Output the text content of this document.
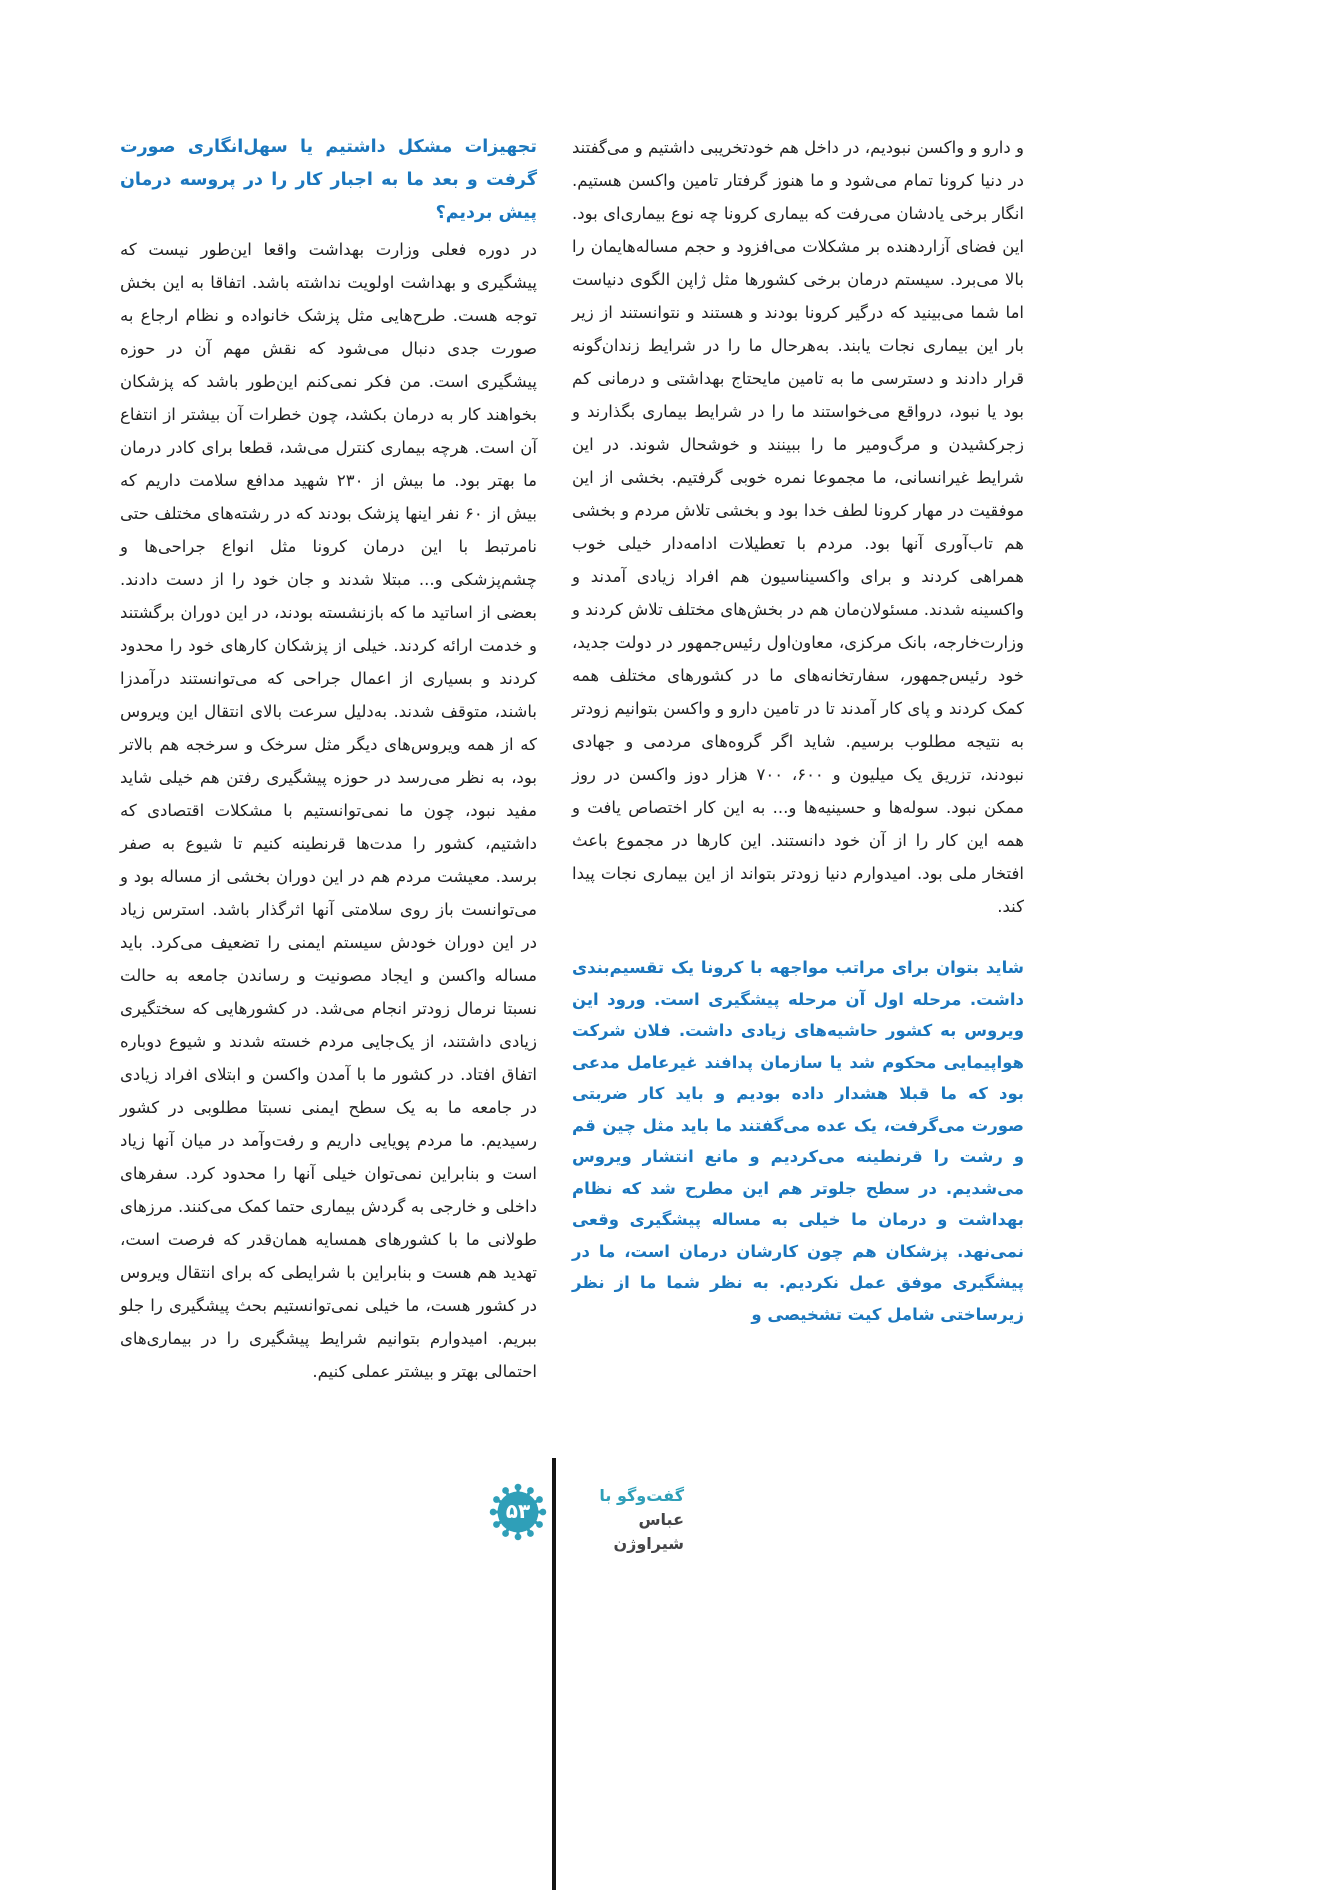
و دارو و واکسن نبودیم، در داخل هم خودتخریبی داشتیم و می‌گفتند در دنیا کرونا تمام می‌شود و ما هنوز گرفتار تامین واکسن هستیم. انگار برخی یادشان می‌رفت که بیماری کرونا چه نوع بیماری‌ای بود. این فضای آزاردهنده بر مشکلات می‌افزود و حجم مساله‌هایمان را بالا می‌برد. سیستم درمان برخی کشورها مثل ژاپن الگوی دنیاست اما شما می‌بینید که درگیر کرونا بودند و هستند و نتوانستند از زیر بار این بیماری نجات یابند. به‌هرحال ما را در شرایط زندان‌گونه قرار دادند و دسترسی ما به تامین مایحتاج بهداشتی و درمانی کم بود یا نبود، درواقع می‌خواستند ما را در شرایط بیماری بگذارند و زجرکشیدن و مرگ‌ومیر ما را ببینند و خوشحال شوند. در این شرایط غیرانسانی، ما مجموعا نمره خوبی گرفتیم. بخشی از این موفقیت در مهار کرونا لطف خدا بود و بخشی تلاش مردم و بخشی هم تاب‌آوری آنها بود. مردم با تعطیلات ادامه‌دار خیلی خوب همراهی کردند و برای واکسیناسیون هم افراد زیادی آمدند و واکسینه شدند. مسئولان‌مان هم در بخش‌های مختلف تلاش کردند و وزارت‌خارجه، بانک مرکزی، معاون‌اول رئیس‌جمهور در دولت جدید، خود رئیس‌جمهور، سفارتخانه‌های ما در کشورهای مختلف همه کمک کردند و پای کار آمدند تا در تامین دارو و واکسن بتوانیم زودتر به نتیجه مطلوب برسیم. شاید اگر گروه‌های مردمی و جهادی نبودند، تزریق یک میلیون و ۶۰۰، ۷۰۰ هزار دوز واکسن در روز ممکن نبود. سوله‌ها و حسینیه‌ها و... به این کار اختصاص یافت و همه این کار را از آن خود دانستند. این کارها در مجموع باعث افتخار ملی بود. امیدوارم دنیا زودتر بتواند از این بیماری نجات پیدا کند.

شاید بتوان برای مراتب مواجهه با کرونا یک تقسیم‌بندی داشت. مرحله اول آن مرحله پیشگیری است. ورود این ویروس به کشور حاشیه‌های زیادی داشت. فلان شرکت هواپیمایی محکوم شد یا سازمان پدافند غیرعامل مدعی بود که ما قبلا هشدار داده بودیم و باید کار ضربتی صورت می‌گرفت، یک عده می‌گفتند ما باید مثل چین قم و رشت را قرنطینه می‌کردیم و مانع انتشار ویروس می‌شدیم. در سطح جلوتر هم این مطرح شد که نظام بهداشت و درمان ما خیلی به مساله پیشگیری وقعی نمی‌نهد. پزشکان هم چون کارشان درمان است، ما در پیشگیری موفق عمل نکردیم. به نظر شما ما از نظر زیرساختی شامل کیت تشخیصی و

تجهیزات مشکل داشتیم یا سهل‌انگاری صورت گرفت و بعد ما به اجبار کار را در پروسه درمان پیش بردیم؟

در دوره فعلی وزارت بهداشت واقعا این‌طور نیست که پیشگیری و بهداشت اولویت نداشته باشد. اتفاقا به این بخش توجه هست. طرح‌هایی مثل پزشک خانواده و نظام ارجاع به صورت جدی دنبال می‌شود که نقش مهم آن در حوزه پیشگیری است. من فکر نمی‌کنم این‌طور باشد که پزشکان بخواهند کار به درمان بکشد، چون خطرات آن بیشتر از انتفاع آن است. هرچه بیماری کنترل می‌شد، قطعا برای کادر درمان ما بهتر بود. ما بیش از ۲۳۰ شهید مدافع سلامت داریم که بیش از ۶۰ نفر اینها پزشک بودند که در رشته‌های مختلف حتی نامرتبط با این درمان کرونا مثل انواع جراحی‌ها و چشم‌پزشکی و... مبتلا شدند و جان خود را از دست دادند. بعضی از اساتید ما که بازنشسته بودند، در این دوران برگشتند و خدمت ارائه کردند. خیلی از پزشکان کارهای خود را محدود کردند و بسیاری از اعمال جراحی که می‌توانستند درآمدزا باشند، متوقف شدند. به‌دلیل سرعت بالای انتقال این ویروس که از همه ویروس‌های دیگر مثل سرخک و سرخجه هم بالاتر بود، به نظر می‌رسد در حوزه پیشگیری رفتن هم خیلی شاید مفید نبود، چون ما نمی‌توانستیم با مشکلات اقتصادی که داشتیم، کشور را مدت‌ها قرنطینه کنیم تا شیوع به صفر برسد. معیشت مردم هم در این دوران بخشی از مساله بود و می‌توانست باز روی سلامتی آنها اثرگذار باشد. استرس زیاد در این دوران خودش سیستم ایمنی را تضعیف می‌کرد. باید مساله واکسن و ایجاد مصونیت و رساندن جامعه به حالت نسبتا نرمال زودتر انجام می‌شد. در کشورهایی که سختگیری زیادی داشتند، از یک‌جایی مردم خسته شدند و شیوع دوباره اتفاق افتاد. در کشور ما با آمدن واکسن و ابتلای افراد زیادی در جامعه ما به یک سطح ایمنی نسبتا مطلوبی در کشور رسیدیم. ما مردم پویایی داریم و رفت‌وآمد در میان آنها زیاد است و بنابراین نمی‌توان خیلی آنها را محدود کرد. سفرهای داخلی و خارجی به گردش بیماری حتما کمک می‌کنند. مرزهای طولانی ما با کشورهای همسایه همان‌قدر که فرصت است، تهدید هم هست و بنابراین با شرایطی که برای انتقال ویروس در کشور هست، ما خیلی نمی‌توانستیم بحث پیشگیری را جلو ببریم. امیدوارم بتوانیم شرایط پیشگیری را در بیماری‌های احتمالی بهتر و بیشتر عملی کنیم.

۵۳
گفت‌وگو با
عباس شیراوژن
